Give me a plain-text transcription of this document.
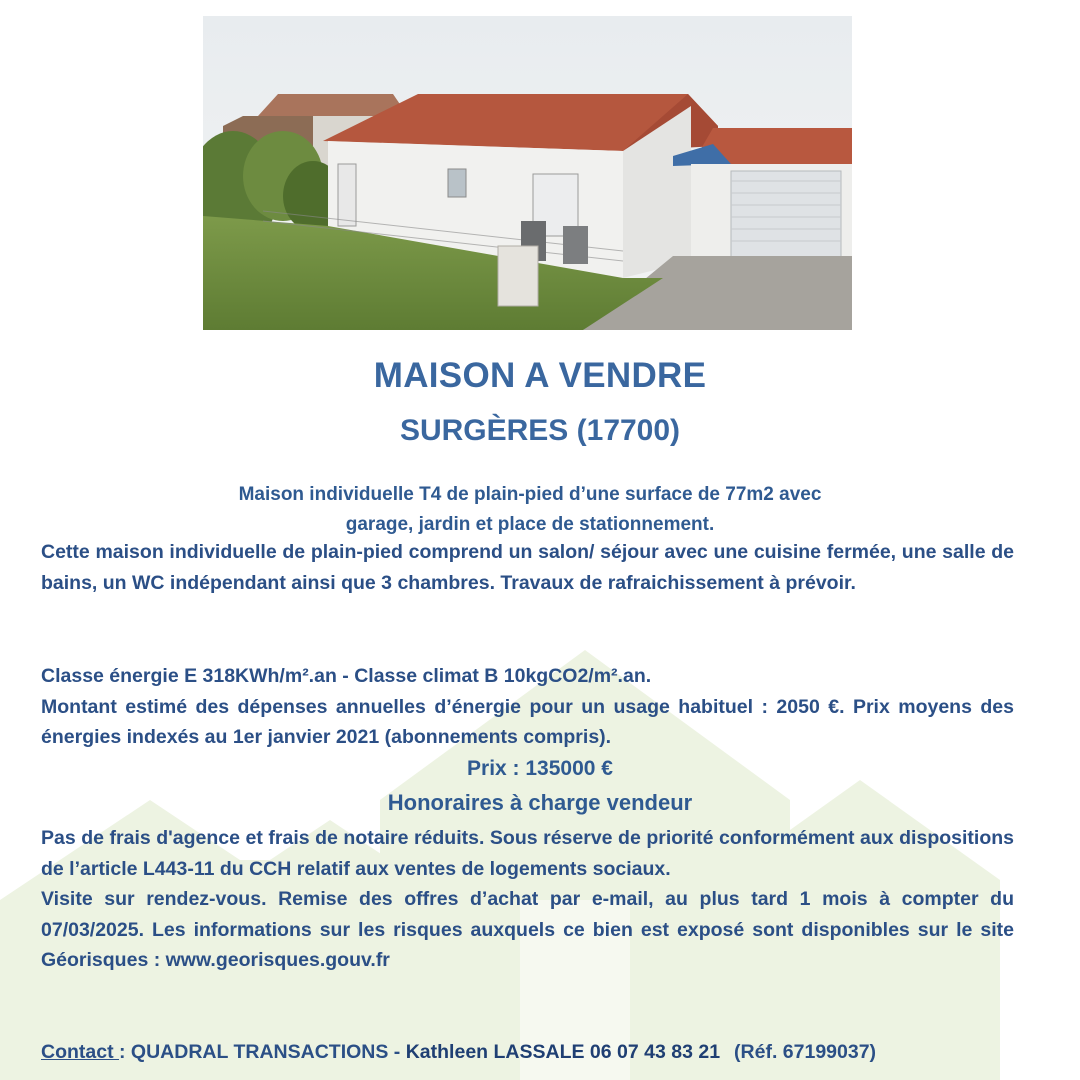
MAISON A VENDRE
SURGÈRES (17700)
Maison individuelle T4 de plain-pied d’une surface de 77m2 avec
garage, jardin et place de stationnement.

Cette maison individuelle de plain-pied comprend un salon/ séjour avec une cuisine fermée, une salle de bains, un WC indépendant ainsi que 3 chambres. Travaux de rafraichissement à prévoir.

Classe énergie E 318KWh/m².an - Classe climat B 10kgCO2/m².an.

Montant estimé des dépenses annuelles d’énergie pour un usage habituel : 2050 €. Prix moyens des énergies indexés au 1er janvier 2021 (abonnements compris).

Prix : 135000 €
Honoraires à charge vendeur

Pas de frais d'agence et frais de notaire réduits. Sous réserve de priorité conformément aux dispositions de l’article L443-11 du CCH relatif aux ventes de logements sociaux.

Visite sur rendez-vous. Remise des offres d’achat par e-mail, au plus tard 1 mois à compter du 07/03/2025. Les informations sur les risques auxquels ce bien est exposé sont disponibles sur le site Géorisques : www.georisques.gouv.fr

Contact : QUADRAL TRANSACTIONS - Kathleen LASSALE 06 07 43 83 21 (Réf. 67199037)
